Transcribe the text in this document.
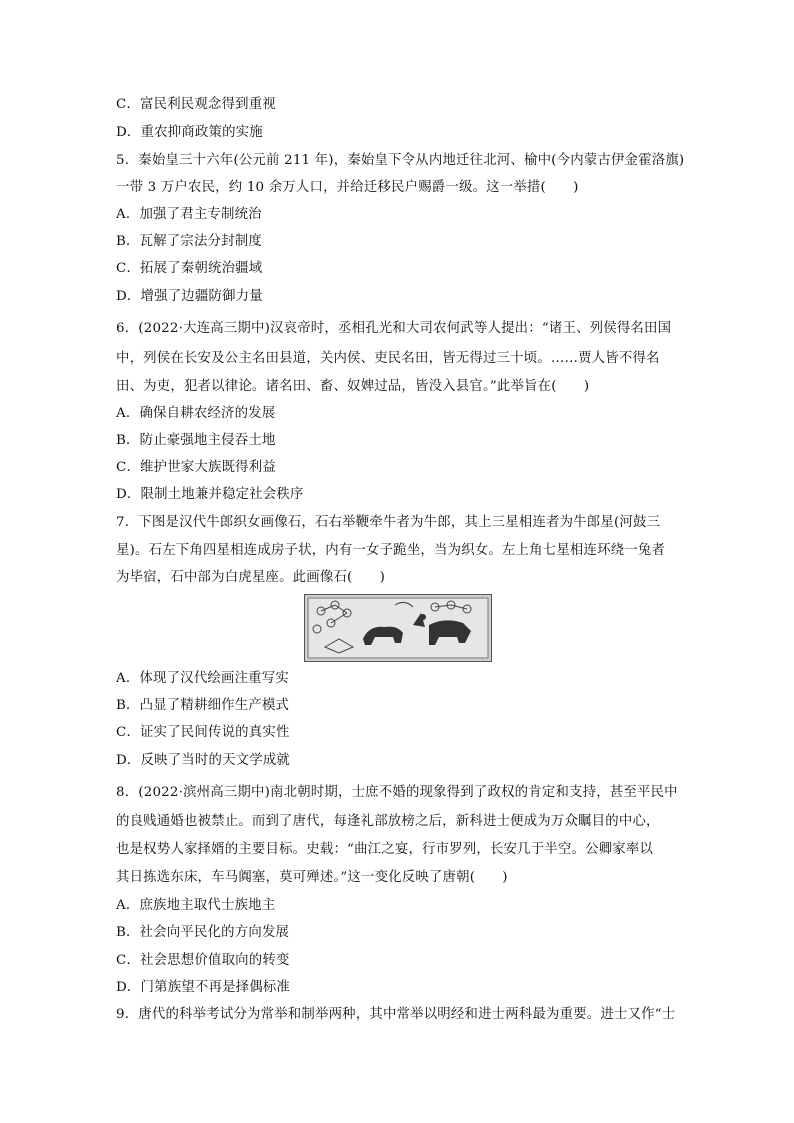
C．富民利民观念得到重视
D．重农抑商政策的实施
5．秦始皇三十六年(公元前 211 年)，秦始皇下令从内地迁往北河、榆中(今内蒙古伊金霍洛旗)
一带 3 万户农民，约 10 余万人口，并给迁移民户赐爵一级。这一举措(　　)
A．加强了君主专制统治
B．瓦解了宗法分封制度
C．拓展了秦朝统治疆域
D．增强了边疆防御力量
6．(2022·大连高三期中)汉哀帝时，丞相孔光和大司农何武等人提出：“诸王、列侯得名田国
中，列侯在长安及公主名田县道，关内侯、吏民名田，皆无得过三十顷。……贾人皆不得名
田、为吏，犯者以律论。诸名田、畜、奴婢过品，皆没入县官。”此举旨在(　　)
A．确保自耕农经济的发展
B．防止豪强地主侵吞土地
C．维护世家大族既得利益
D．限制土地兼并稳定社会秩序
7．下图是汉代牛郎织女画像石，石右举鞭牵牛者为牛郎，其上三星相连者为牛郎星(河鼓三
星)。石左下角四星相连成房子状，内有一女子跪坐，当为织女。左上角七星相连环绕一兔者
为毕宿，石中部为白虎星座。此画像石(　　)
A．体现了汉代绘画注重写实
B．凸显了精耕细作生产模式
C．证实了民间传说的真实性
D．反映了当时的天文学成就
8．(2022·滨州高三期中)南北朝时期，士庶不婚的现象得到了政权的肯定和支持，甚至平民中
的良贱通婚也被禁止。而到了唐代，每逢礼部放榜之后，新科进士便成为万众瞩目的中心，
也是权势人家择婿的主要目标。史载：“曲江之宴，行市罗列，长安几于半空。公卿家率以
其日拣选东床，车马阗塞，莫可殚述。”这一变化反映了唐朝(　　)
A．庶族地主取代士族地主
B．社会向平民化的方向发展
C．社会思想价值取向的转变
D．门第族望不再是择偶标准
9．唐代的科举考试分为常举和制举两种，其中常举以明经和进士两科最为重要。进士又作“士
